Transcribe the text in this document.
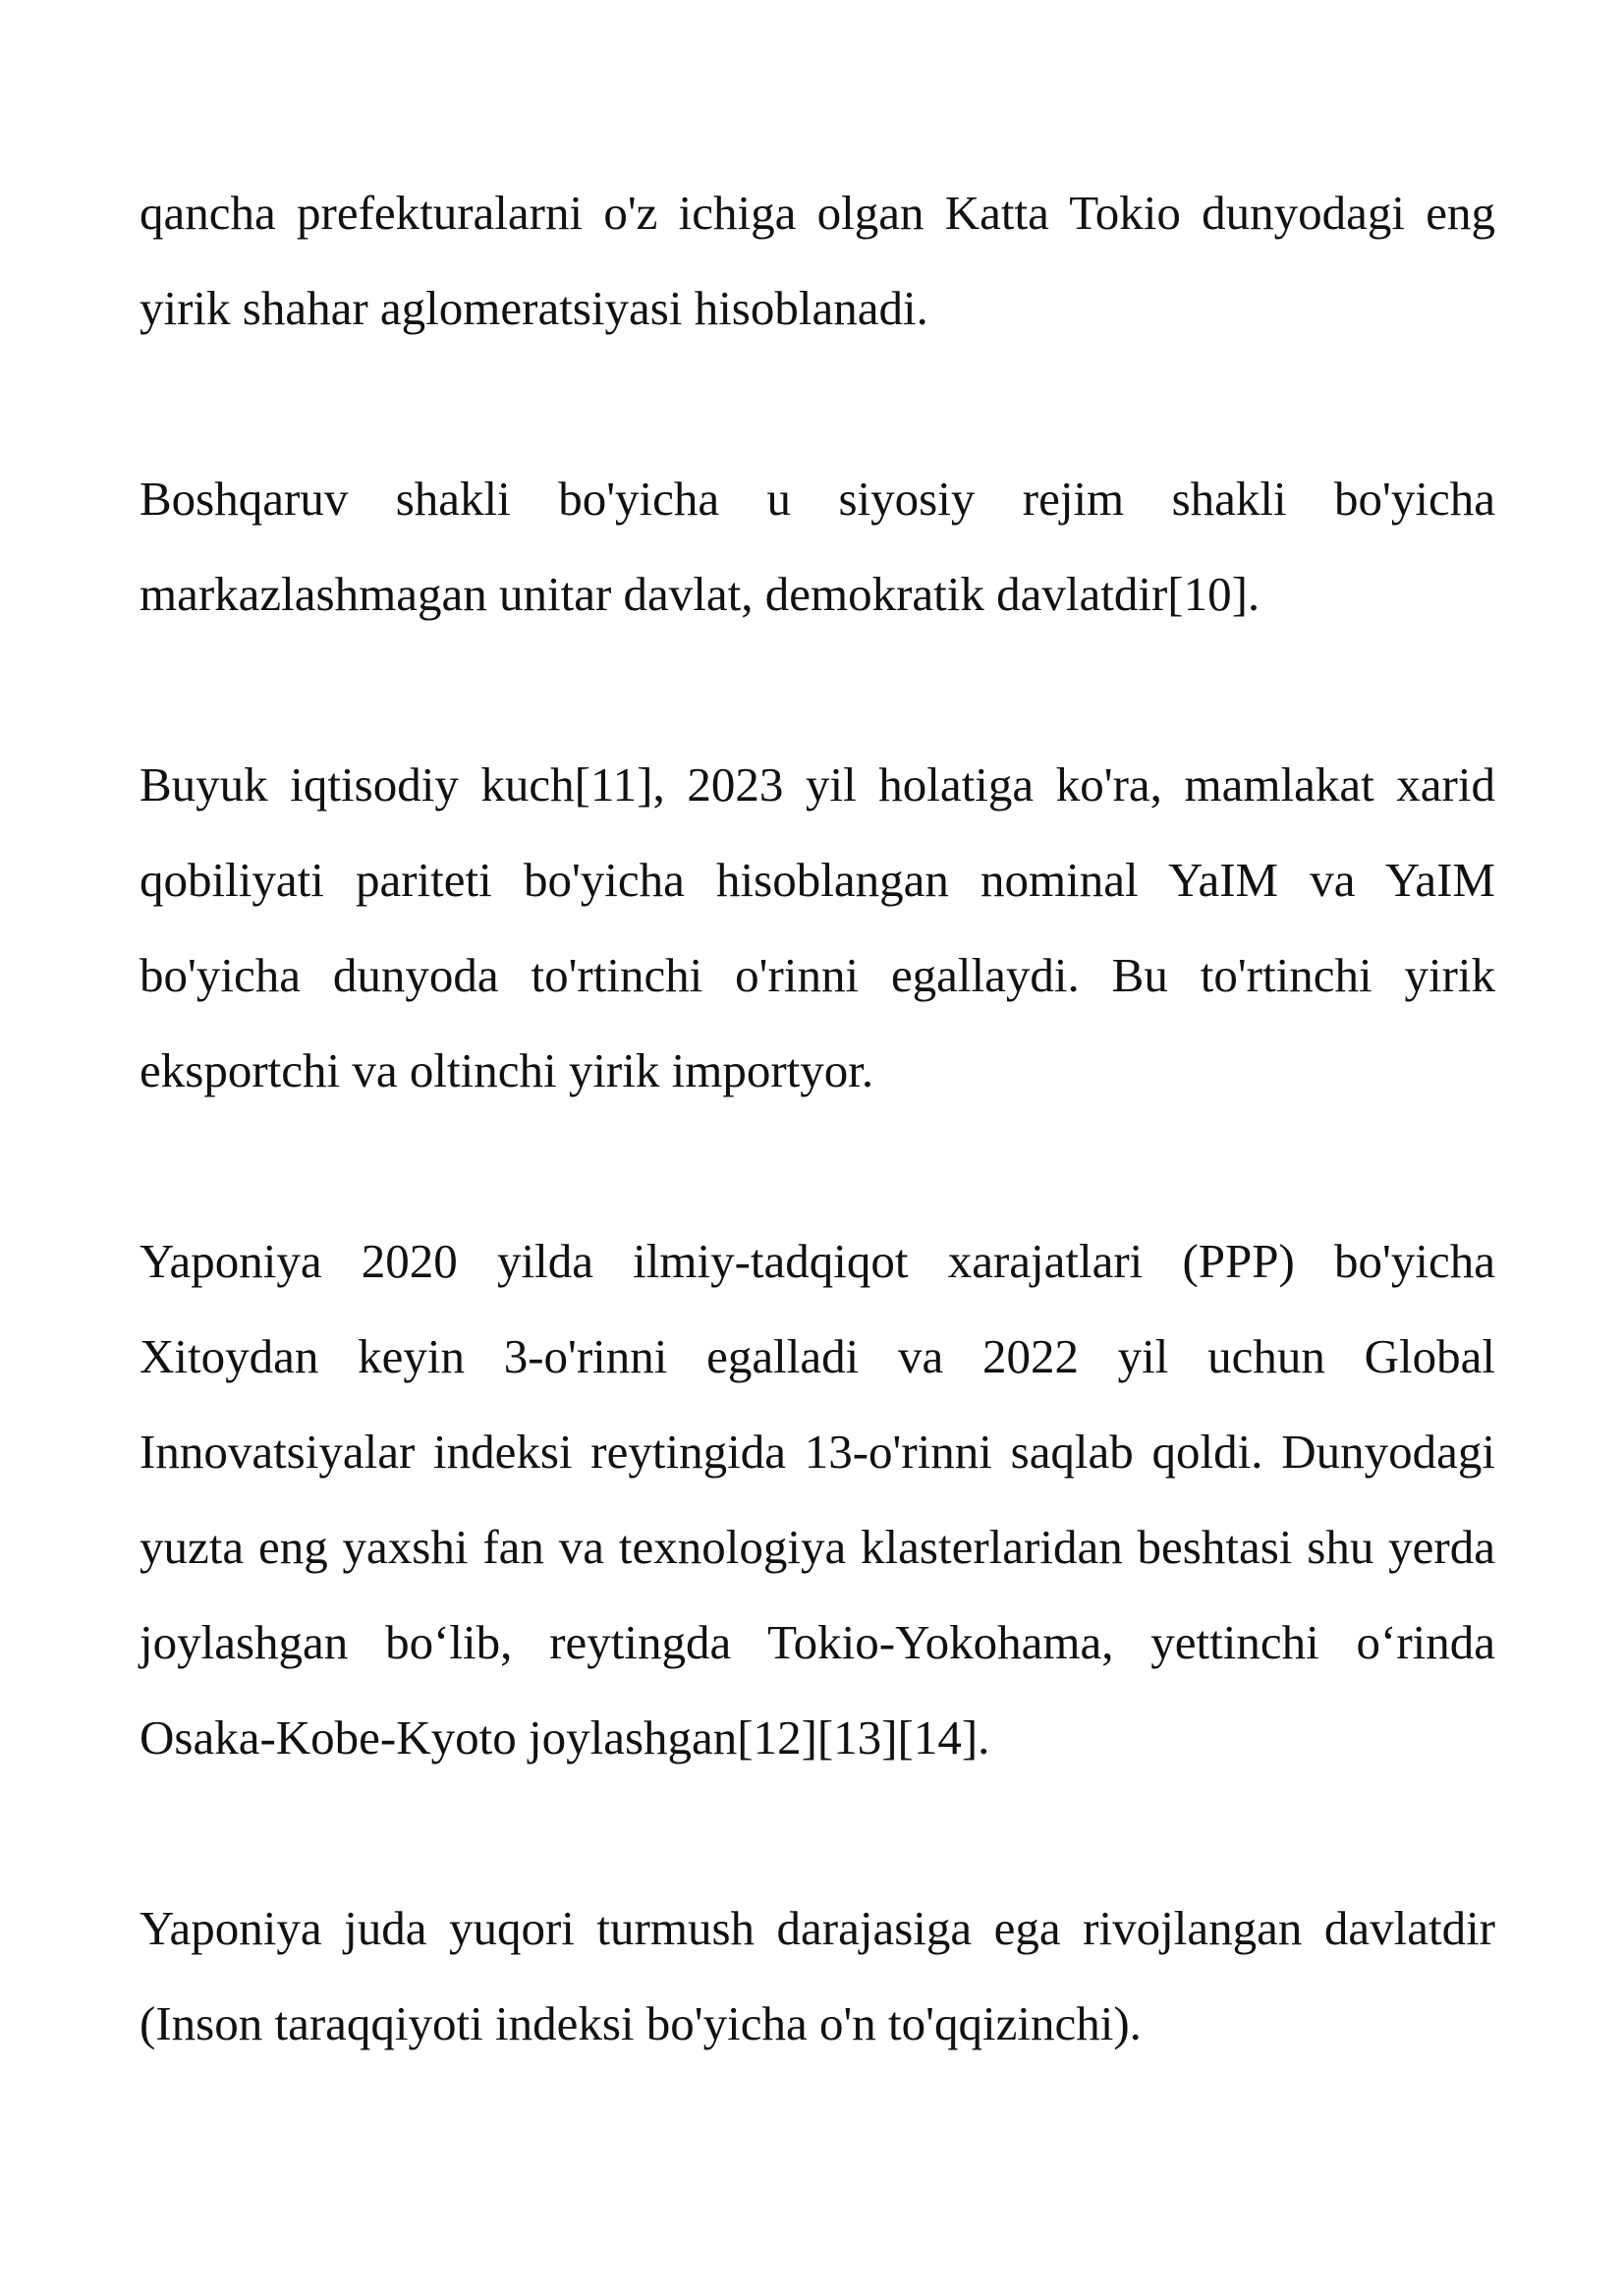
qancha prefekturalarni o'z ichiga olgan Katta Tokio dunyodagi eng yirik shahar aglomeratsiyasi hisoblanadi.

Boshqaruv shakli bo'yicha u siyosiy rejim shakli bo'yicha markazlashmagan unitar davlat, demokratik davlatdir[10].

Buyuk iqtisodiy kuch[11], 2023 yil holatiga ko'ra, mamlakat xarid qobiliyati pariteti bo'yicha hisoblangan nominal YaIM va YaIM bo'yicha dunyoda to'rtinchi o'rinni egallaydi. Bu to'rtinchi yirik eksportchi va oltinchi yirik importyor.

Yaponiya 2020 yilda ilmiy-tadqiqot xarajatlari (PPP) bo'yicha Xitoydan keyin 3-o'rinni egalladi va 2022 yil uchun Global Innovatsiyalar indeksi reytingida 13-o'rinni saqlab qoldi. Dunyodagi yuzta eng yaxshi fan va texnologiya klasterlaridan beshtasi shu yerda joylashgan bo‘lib, reytingda Tokio-Yokohama, yettinchi o‘rinda Osaka-Kobe-Kyoto joylashgan[12][13][14].

Yaponiya juda yuqori turmush darajasiga ega rivojlangan davlatdir (Inson taraqqiyoti indeksi bo'yicha o'n to'qqizinchi).
